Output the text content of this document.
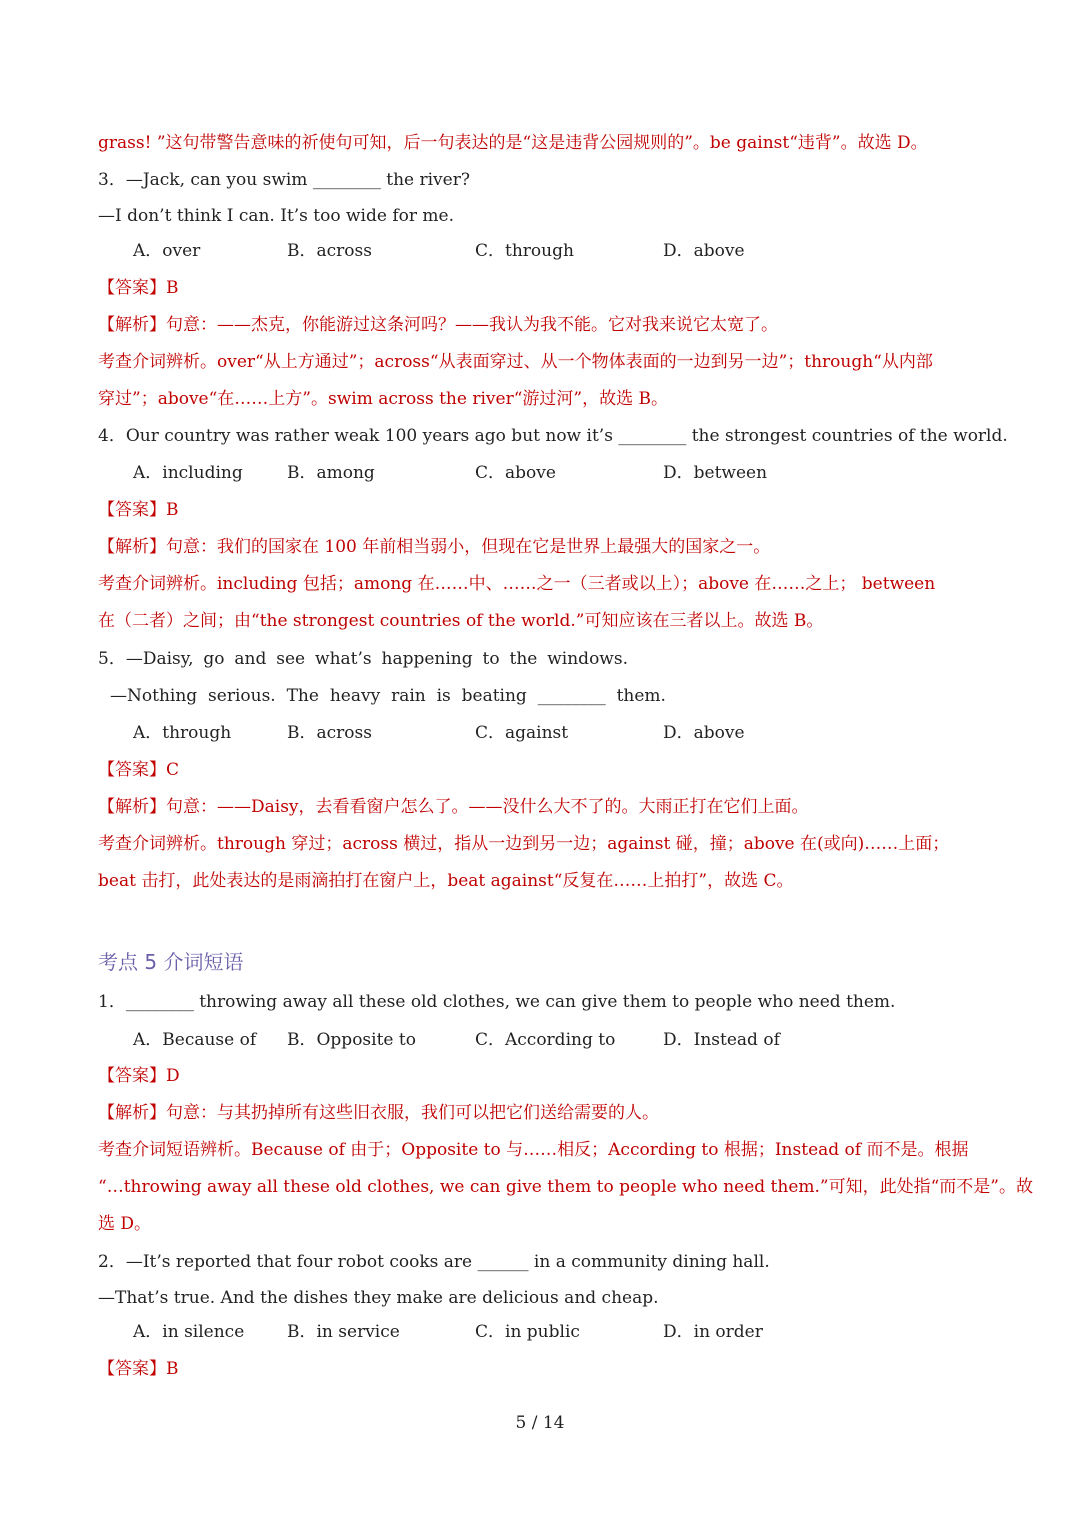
grass! ”这句带警告意味的祈使句可知，后一句表达的是“这是违背公园规则的”。be gainst“违背”。故选 D。
3．—Jack, can you swim ________ the river?
—I don’t think I can. It’s too wide for me.
A．over	B．across	C．through	D．above
【答案】B
【解析】句意：——杰克，你能游过这条河吗？——我认为我不能。它对我来说它太宽了。
考查介词辨析。over“从上方通过”；across“从表面穿过、从一个物体表面的一边到另一边”；through“从内部
穿过”；above“在……上方”。swim across the river“游过河”，故选 B。
4．Our country was rather weak 100 years ago but now it’s ________ the strongest countries of the world.
A．including	B．among	C．above	D．between
【答案】B
【解析】句意：我们的国家在 100 年前相当弱小，但现在它是世界上最强大的国家之一。
考查介词辨析。including 包括；among 在……中、……之一（三者或以上）；above 在……之上； between
在（二者）之间；由“the strongest countries of the world.”可知应该在三者以上。故选 B。
5．—Daisy, go and see what’s happening to the windows.
—Nothing serious. The heavy rain is beating ________ them.
A．through	B．across	C．against	D．above
【答案】C
【解析】句意：——Daisy，去看看窗户怎么了。——没什么大不了的。大雨正打在它们上面。
考查介词辨析。through 穿过；across 横过，指从一边到另一边；against 碰，撞；above 在(或向)……上面；
beat 击打，此处表达的是雨滴拍打在窗户上，beat against“反复在……上拍打”，故选 C。
考点 5 介词短语
1．________ throwing away all these old clothes, we can give them to people who need them.
A．Because of B．Opposite to	C．According to	D．Instead of
【答案】D
【解析】句意：与其扔掉所有这些旧衣服，我们可以把它们送给需要的人。
考查介词短语辨析。Because of 由于；Opposite to 与……相反；According to 根据；Instead of 而不是。根据
“…throwing away all these old clothes, we can give them to people who need them.”可知，此处指“而不是”。故
选 D。
2．—It’s reported that four robot cooks are ______ in a community dining hall.
—That’s true. And the dishes they make are delicious and cheap.
A．in silence	B．in service	C．in public	D．in order
【答案】B
5 / 14
